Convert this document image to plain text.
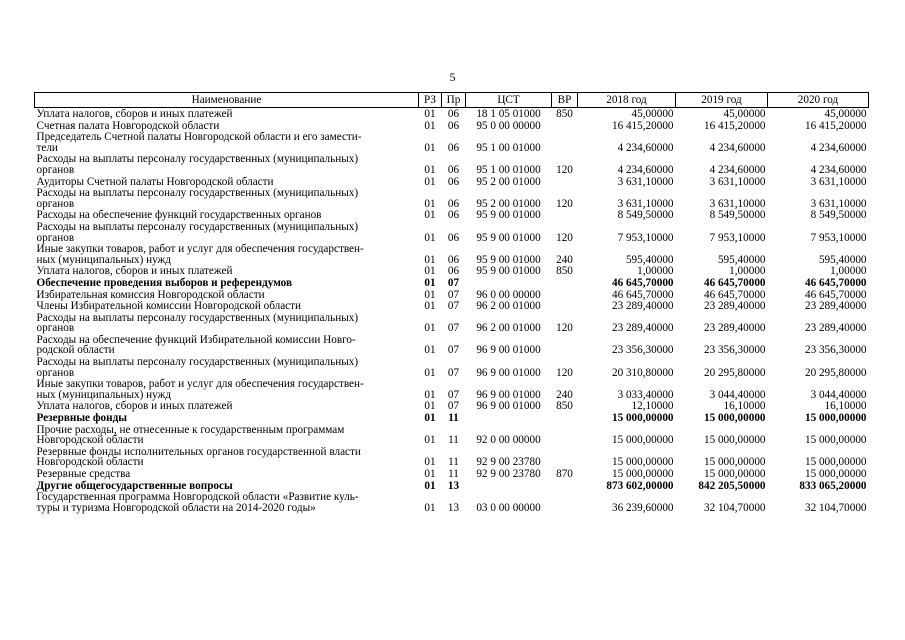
5
Наименование	РЗ	Пр	ЦСТ	ВР	2018 год	2019 год	2020 год
Уплата налогов, сборов и иных платежей	01	06	18 1 05 01000	850	45,00000	45,00000	45,00000
Счетная палата Новгородской области	01	06	95 0 00 00000		16 415,20000	16 415,20000	16 415,20000
Председатель Счетной палаты Новгородской области и его замести-
тели	01	06	95 1 00 01000		4 234,60000	4 234,60000	4 234,60000
Расходы на выплаты персоналу государственных (муниципальных)
органов	01	06	95 1 00 01000	120	4 234,60000	4 234,60000	4 234,60000
Аудиторы Счетной палаты Новгородской области	01	06	95 2 00 01000		3 631,10000	3 631,10000	3 631,10000
Расходы на выплаты персоналу государственных (муниципальных)
органов	01	06	95 2 00 01000	120	3 631,10000	3 631,10000	3 631,10000
Расходы на обеспечение функций государственных органов	01	06	95 9 00 01000		8 549,50000	8 549,50000	8 549,50000
Расходы на выплаты персоналу государственных (муниципальных)
органов	01	06	95 9 00 01000	120	7 953,10000	7 953,10000	7 953,10000
Иные закупки товаров, работ и услуг для обеспечения государствен-
ных (муниципальных) нужд	01	06	95 9 00 01000	240	595,40000	595,40000	595,40000
Уплата налогов, сборов и иных платежей	01	06	95 9 00 01000	850	1,00000	1,00000	1,00000
Обеспечение проведения выборов и референдумов	01	07			46 645,70000	46 645,70000	46 645,70000
Избирательная комиссия Новгородской области	01	07	96 0 00 00000		46 645,70000	46 645,70000	46 645,70000
Члены Избирательной комиссии Новгородской области	01	07	96 2 00 01000		23 289,40000	23 289,40000	23 289,40000
Расходы на выплаты персоналу государственных (муниципальных)
органов	01	07	96 2 00 01000	120	23 289,40000	23 289,40000	23 289,40000
Расходы на обеспечение функций Избирательной комиссии Новго-
родской области	01	07	96 9 00 01000		23 356,30000	23 356,30000	23 356,30000
Расходы на выплаты персоналу государственных (муниципальных)
органов	01	07	96 9 00 01000	120	20 310,80000	20 295,80000	20 295,80000
Иные закупки товаров, работ и услуг для обеспечения государствен-
ных (муниципальных) нужд	01	07	96 9 00 01000	240	3 033,40000	3 044,40000	3 044,40000
Уплата налогов, сборов и иных платежей	01	07	96 9 00 01000	850	12,10000	16,10000	16,10000
Резервные фонды	01	11			15 000,00000	15 000,00000	15 000,00000
Прочие расходы, не отнесенные к государственным программам
Новгородской области	01	11	92 0 00 00000		15 000,00000	15 000,00000	15 000,00000
Резервные фонды исполнительных органов государственной власти
Новгородской области	01	11	92 9 00 23780		15 000,00000	15 000,00000	15 000,00000
Резервные средства	01	11	92 9 00 23780	870	15 000,00000	15 000,00000	15 000,00000
Другие общегосударственные вопросы	01	13			873 602,00000	842 205,50000	833 065,20000
Государственная программа Новгородской области «Развитие куль-
туры и туризма Новгородской области на 2014-2020 годы»	01	13	03 0 00 00000		36 239,60000	32 104,70000	32 104,70000
